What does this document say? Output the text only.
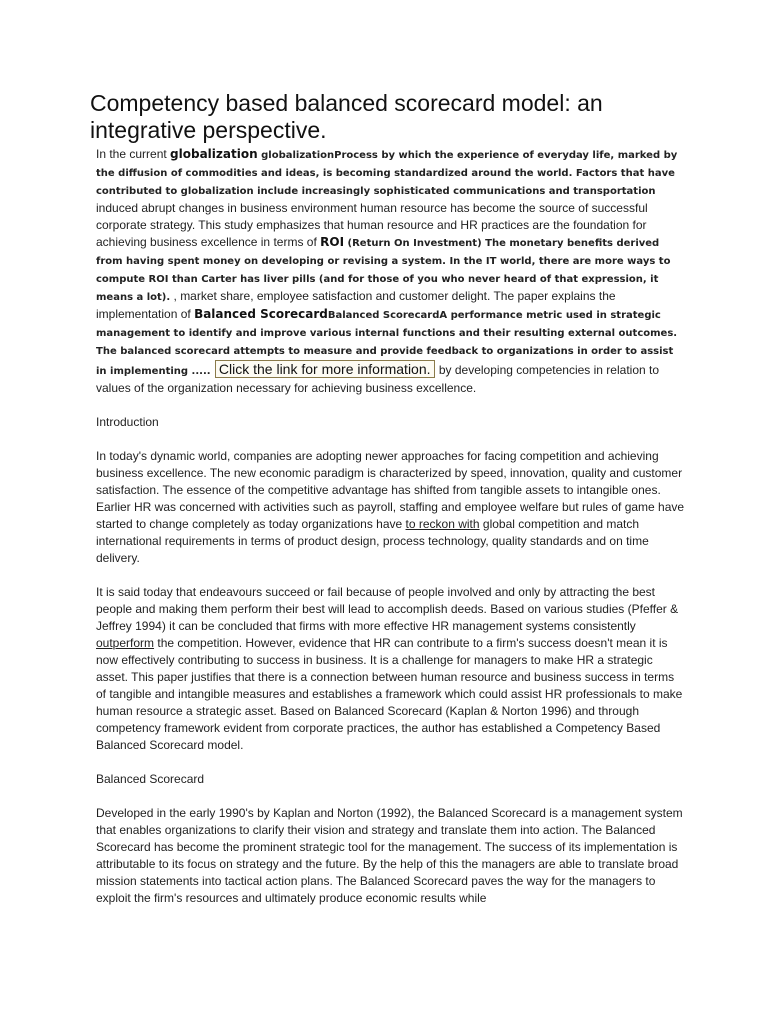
Competency based balanced scorecard model: an integrative perspective.

In the current globalization globalizationProcess by which the experience of everyday life, marked by the diffusion of commodities and ideas, is becoming standardized around the world. Factors that have contributed to globalization include increasingly sophisticated communications and transportation induced abrupt changes in business environment human resource has become the source of successful corporate strategy. This study emphasizes that human resource and HR practices are the foundation for achieving business excellence in terms of ROI (Return On Investment) The monetary benefits derived from having spent money on developing or revising a system. In the IT world, there are more ways to compute ROI than Carter has liver pills (and for those of you who never heard of that expression, it means a lot). , market share, employee satisfaction and customer delight. The paper explains the implementation of Balanced ScorecardBalanced ScorecardA performance metric used in strategic management to identify and improve various internal functions and their resulting external outcomes. The balanced scorecard attempts to measure and provide feedback to organizations in order to assist in implementing ..... Click the link for more information. by developing competencies in relation to values of the organization necessary for achieving business excellence.

Introduction

In today's dynamic world, companies are adopting newer approaches for facing competition and achieving business excellence. The new economic paradigm is characterized by speed, innovation, quality and customer satisfaction. The essence of the competitive advantage has shifted from tangible assets to intangible ones. Earlier HR was concerned with activities such as payroll, staffing and employee welfare but rules of game have started to change completely as today organizations have to reckon with global competition and match international requirements in terms of product design, process technology, quality standards and on time delivery.

It is said today that endeavours succeed or fail because of people involved and only by attracting the best people and making them perform their best will lead to accomplish deeds. Based on various studies (Pfeffer & Jeffrey 1994) it can be concluded that firms with more effective HR management systems consistently outperform the competition. However, evidence that HR can contribute to a firm's success doesn't mean it is now effectively contributing to success in business. It is a challenge for managers to make HR a strategic asset. This paper justifies that there is a connection between human resource and business success in terms of tangible and intangible measures and establishes a framework which could assist HR professionals to make human resource a strategic asset. Based on Balanced Scorecard (Kaplan & Norton 1996) and through competency framework evident from corporate practices, the author has established a Competency Based Balanced Scorecard model.

Balanced Scorecard

Developed in the early 1990's by Kaplan and Norton (1992), the Balanced Scorecard is a management system that enables organizations to clarify their vision and strategy and translate them into action. The Balanced Scorecard has become the prominent strategic tool for the management. The success of its implementation is attributable to its focus on strategy and the future. By the help of this the managers are able to translate broad mission statements into tactical action plans. The Balanced Scorecard paves the way for the managers to exploit the firm's resources and ultimately produce economic results while
